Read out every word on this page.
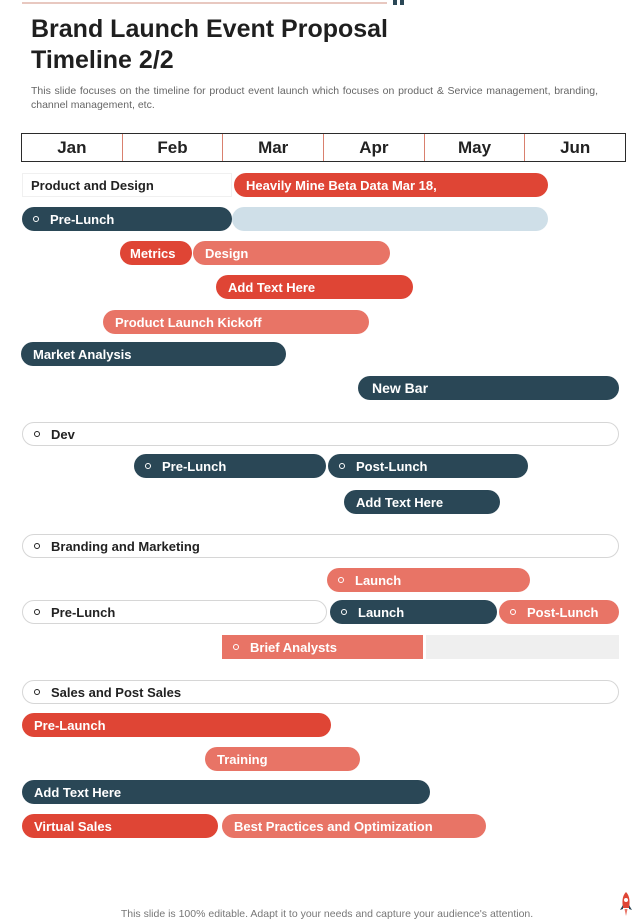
Brand Launch Event Proposal Timeline 2/2
This slide focuses on the timeline for product event launch which focuses on product & Service management, branding, channel management, etc.
Jan	Feb	Mar	Apr	May	Jun
Product and Design	Heavily Mine Beta Data Mar 18,
Pre-Lunch
Metrics	Design
Add Text Here
Product Launch Kickoff
Market Analysis
New Bar
Dev
Pre-Lunch	Post-Lunch
Add Text Here
Branding and Marketing
Launch
Pre-Lunch	Launch	Post-Lunch
Brief Analysts
Sales and Post Sales
Pre-Launch
Training
Add Text Here
Virtual Sales	Best Practices and Optimization
This slide is 100% editable. Adapt it to your needs and capture your audience's attention.
